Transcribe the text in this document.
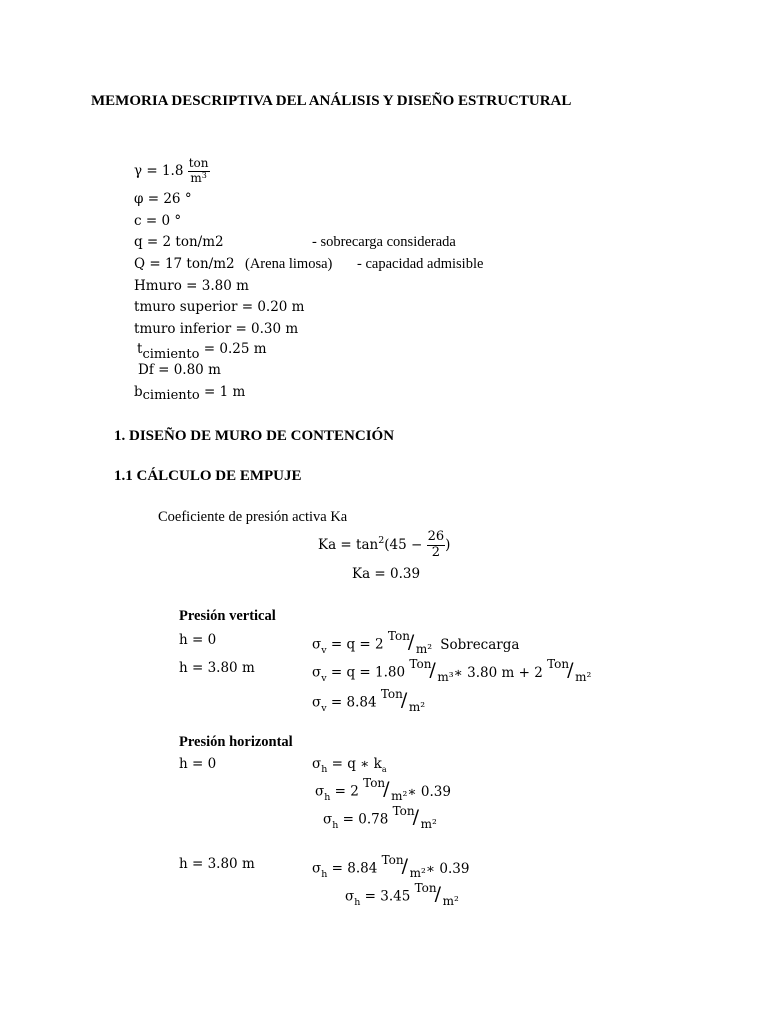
MEMORIA DESCRIPTIVA DEL ANÁLISIS Y DISEÑO ESTRUCTURAL
$\gamma = 1.8 \frac{\text{ton}}{m^3}$
φ = 26 °
c = 0 °
q = 2 ton/m2	- sobrecarga considerada
Q = 17 ton/m2 (Arena limosa) - capacidad admisible
Hmuro = 3.80 m
tmuro superior = 0.20 m
tmuro inferior = 0.30 m
tcimiento = 0.25 m
Df = 0.80 m
bcimiento = 1 m
1. DISEÑO DE MURO DE CONTENCIÓN
1.1 CÁLCULO DE EMPUJE
Coeficiente de presión activa Ka
$Ka = \tan^2(45 - \frac{26}{2}$ )
Ka = 0.39
Presión vertical
h = 0	$\sigma_v = q = 2$
Ton
/ m² Sobrecarga
h = 3.80 m	$\sigma_v = q = 1.80$
Ton
/ m³
∗ 3.80 m + 2
Ton
/ m²
$\sigma_v = 8.84$
Ton
/ m²
Presión horizontal
h = 0	$\sigma_h = q$ ∗ $k_a$
$\sigma_h = 2$
Ton
/ m²
∗ 0.39
$\sigma_h = 0.78$
Ton
/ m²
h = 3.80 m	$\sigma_h = 8.84$
Ton
/ m²
∗ 0.39
$\sigma_h = 3.45$
Ton
/ m²
